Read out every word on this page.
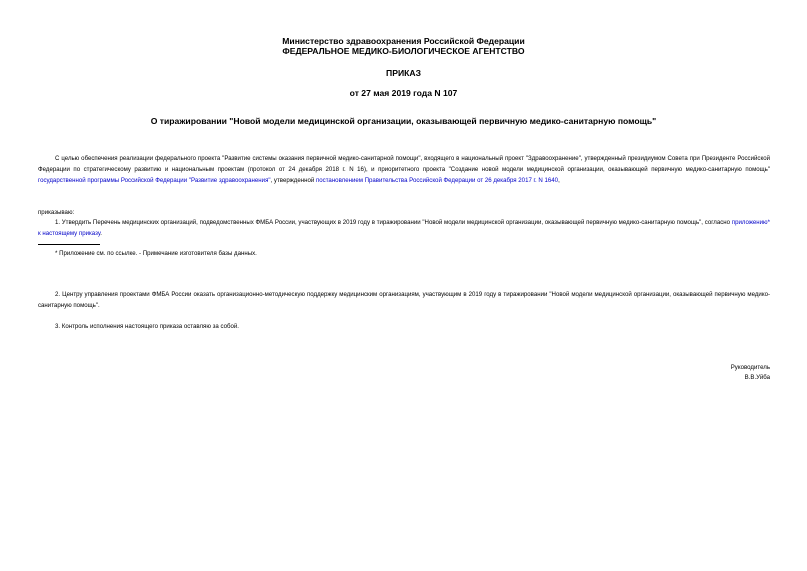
Министерство здравоохранения Российской Федерации
ФЕДЕРАЛЬНОЕ МЕДИКО-БИОЛОГИЧЕСКОЕ АГЕНТСТВО
ПРИКАЗ
от 27 мая 2019 года N 107
О тиражировании "Новой модели медицинской организации, оказывающей первичную медико-санитарную помощь"
С целью обеспечения реализации федерального проекта "Развитие системы оказания первичной медико-санитарной помощи", входящего в национальный проект "Здравоохранение", утвержденный президиумом Совета при Президенте Российской Федерации по стратегическому развитию и национальным проектам (протокол от 24 декабря 2018 г. N 16), и приоритетного проекта "Создание новой модели медицинской организации, оказывающей первичную медико-санитарную помощь" государственной программы Российской Федерации "Развитие здравоохранения", утвержденной постановлением Правительства Российской Федерации от 26 декабря 2017 г. N 1640,
приказываю:
1. Утвердить Перечень медицинских организаций, подведомственных ФМБА России, участвующих в 2019 году в тиражировании "Новой модели медицинской организации, оказывающей первичную медико-санитарную помощь", согласно приложению* к настоящему приказу.
* Приложение см. по ссылке. - Примечание изготовителя базы данных.
2. Центру управления проектами ФМБА России оказать организационно-методическую поддержку медицинским организациям, участвующим в 2019 году в тиражировании "Новой модели медицинской организации, оказывающей первичную медико-санитарную помощь".
3. Контроль исполнения настоящего приказа оставляю за собой.
Руководитель
В.В.Уйба
